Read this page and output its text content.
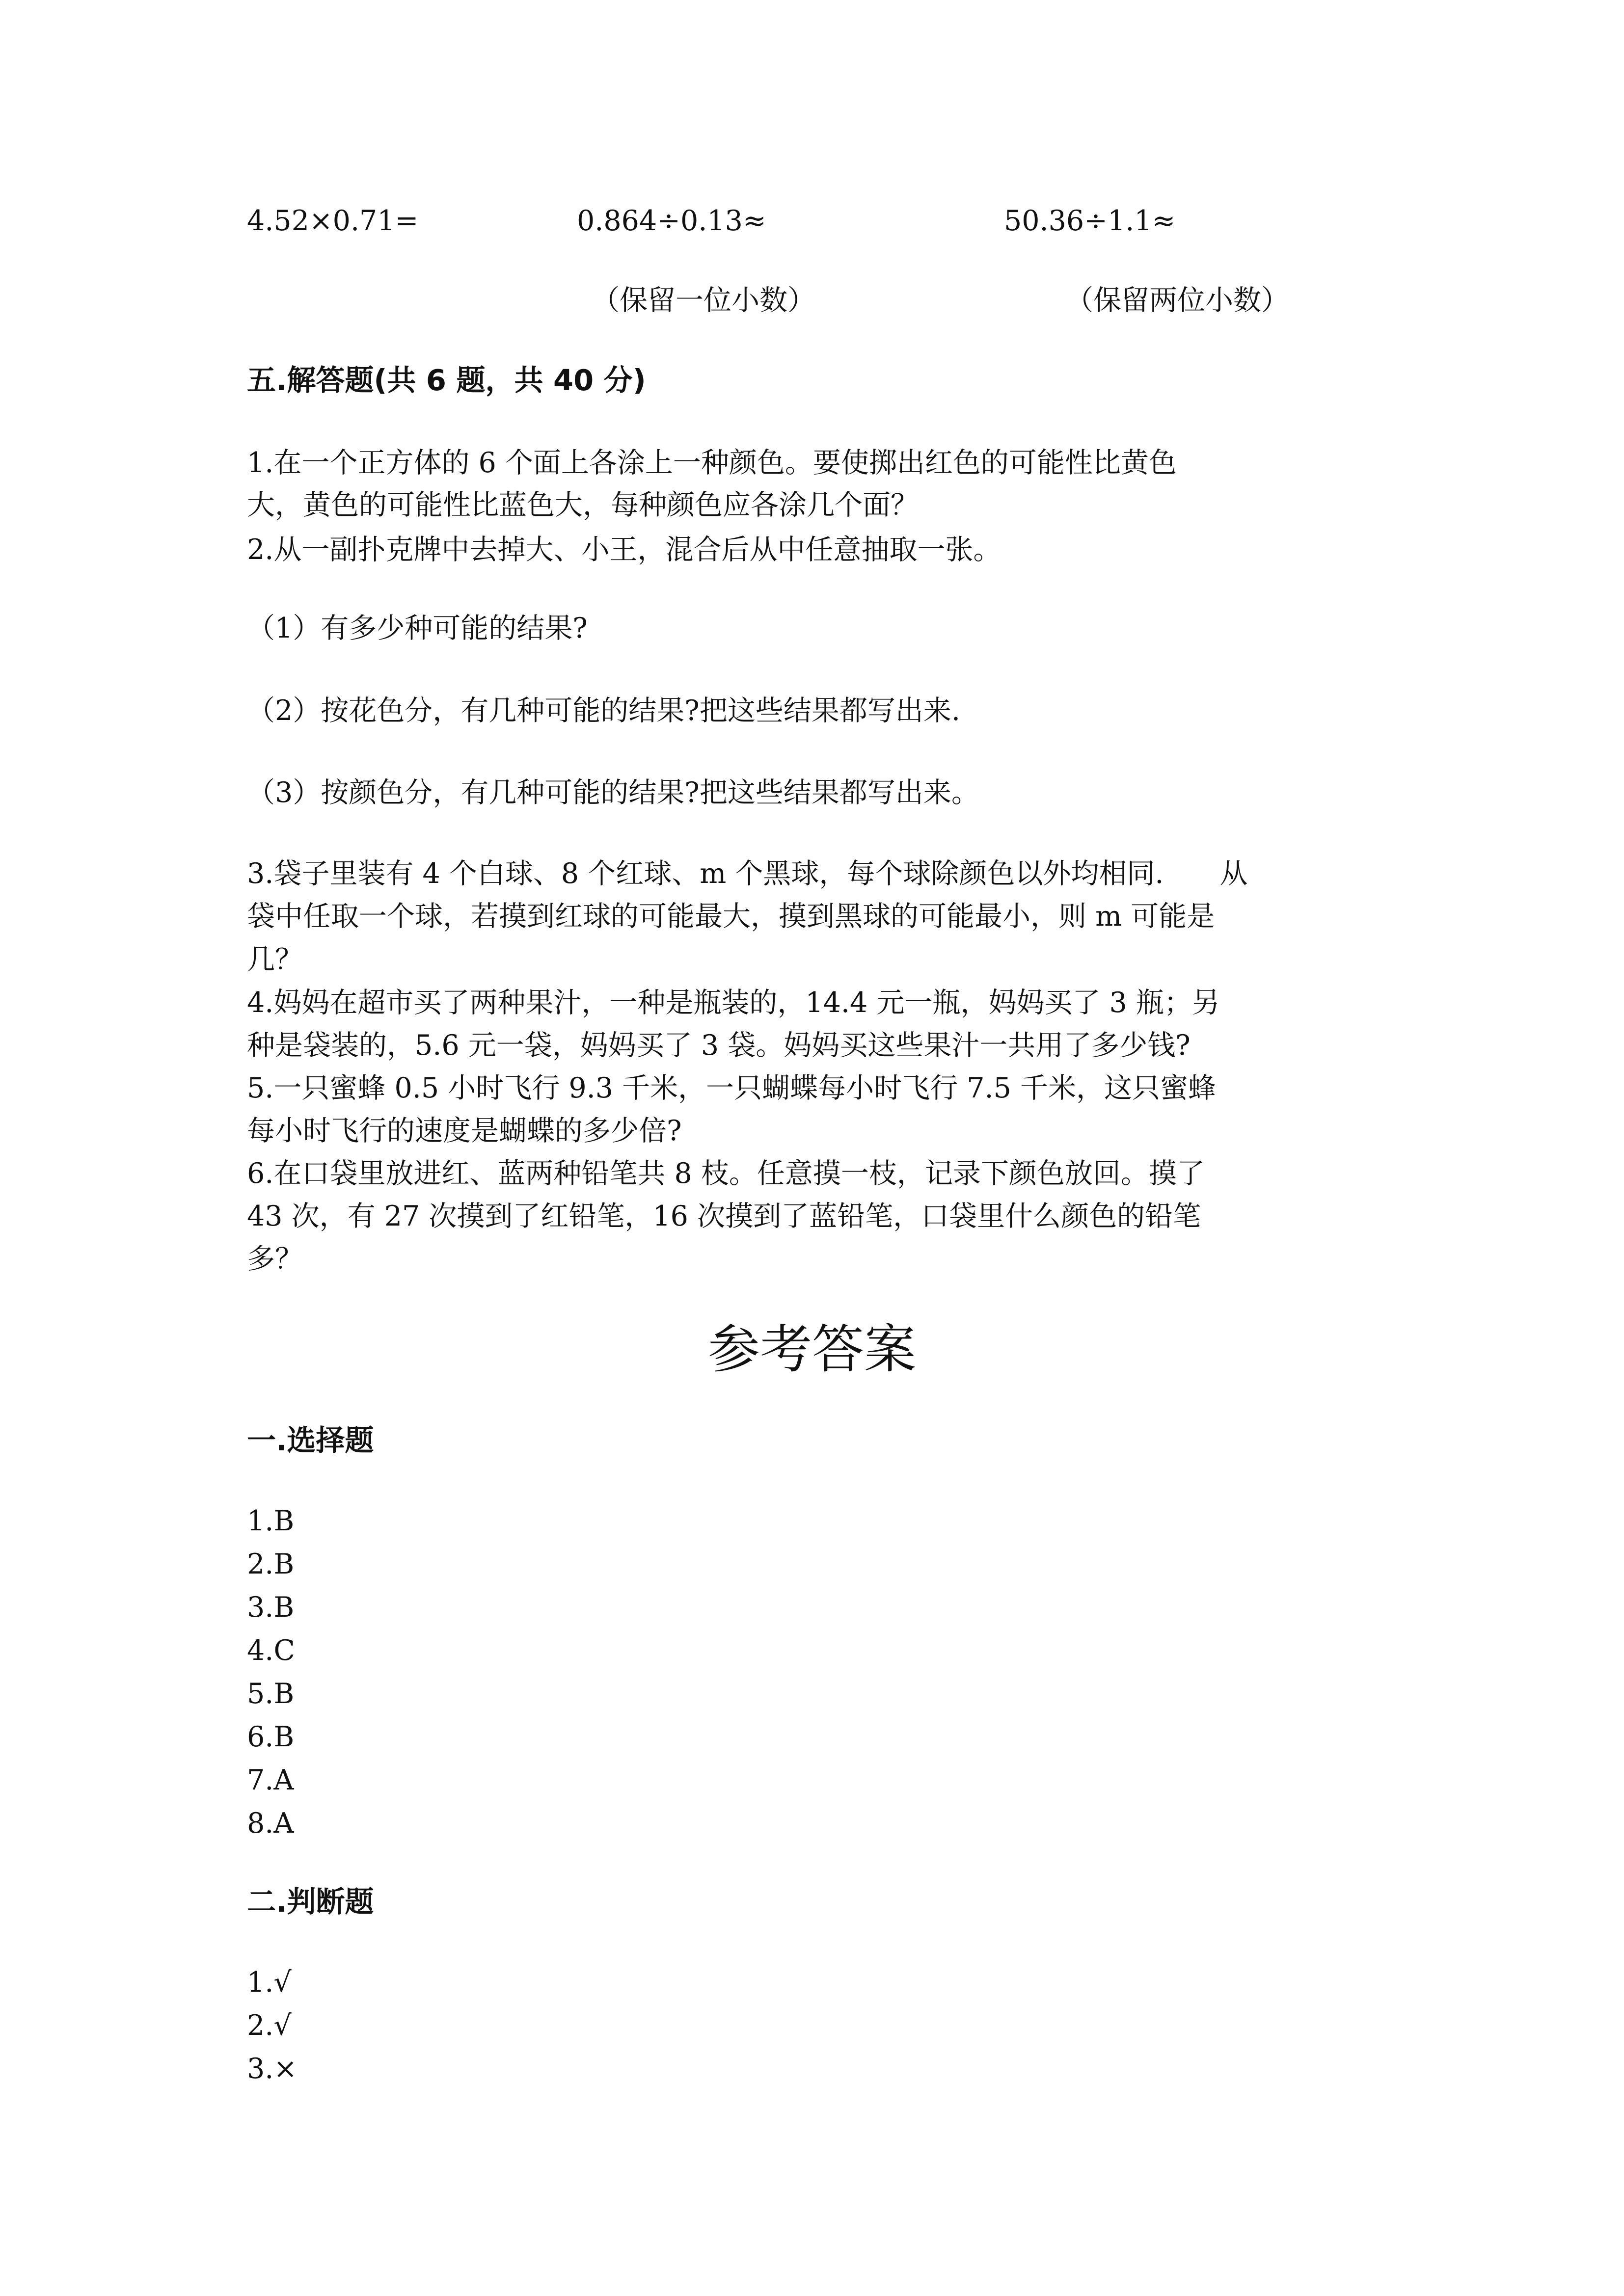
4.52×0.71=	0.864÷0.13≈	50.36÷1.1≈
（保留一位小数）	（保留两位小数）
五.解答题(共 6 题，共 40 分)
1.在一个正方体的 6 个面上各涂上一种颜色。要使掷出红色的可能性比黄色
大，黄色的可能性比蓝色大，每种颜色应各涂几个面？
2.从一副扑克牌中去掉大、小王，混合后从中任意抽取一张。
（1）有多少种可能的结果?
（2）按花色分，有几种可能的结果?把这些结果都写出来.
（3）按颜色分，有几种可能的结果?把这些结果都写出来。
3.袋子里装有 4 个白球、8 个红球、m 个黑球，每个球除颜色以外均相同.　　从
袋中任取一个球，若摸到红球的可能最大，摸到黑球的可能最小，则 m 可能是
几？
4.妈妈在超市买了两种果汁，一种是瓶装的，14.4 元一瓶，妈妈买了 3 瓶；另
种是袋装的，5.6 元一袋，妈妈买了 3 袋。妈妈买这些果汁一共用了多少钱?
5.一只蜜蜂 0.5 小时飞行 9.3 千米，一只蝴蝶每小时飞行 7.5 千米，这只蜜蜂
每小时飞行的速度是蝴蝶的多少倍?
6.在口袋里放进红、蓝两种铅笔共 8 枝。任意摸一枝，记录下颜色放回。摸了
43 次，有 27 次摸到了红铅笔，16 次摸到了蓝铅笔，口袋里什么颜色的铅笔
多？
参考答案
一.选择题
1.B
2.B
3.B
4.C
5.B
6.B
7.A
8.A
二.判断题
1.√
2.√
3.×
